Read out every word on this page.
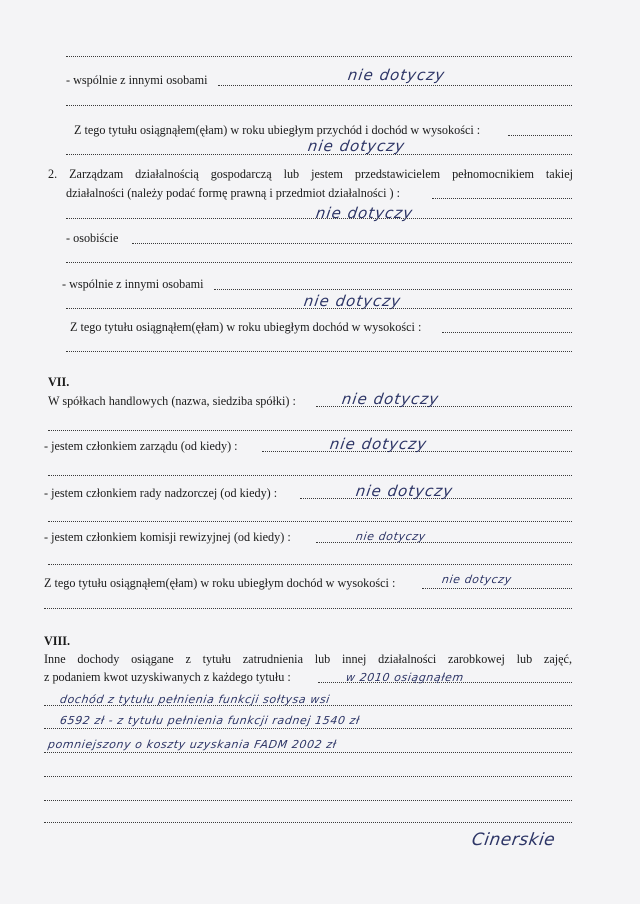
- wspólnie z innymi osobami	nie dotyczy
Z tego tytułu osiągnąłem(ęłam) w roku ubiegłym przychód i dochód w wysokości :
nie dotyczy
2. Zarządzam działalnością gospodarczą lub jestem przedstawicielem pełnomocnikiem takiej
działalności (należy podać formę prawną i przedmiot działalności ) :
nie dotyczy
- osobiście
- wspólnie z innymi osobami
nie dotyczy
Z tego tytułu osiągnąłem(ęłam) w roku ubiegłym dochód w wysokości :
VII.
W spółkach handlowych (nazwa, siedziba spółki) :	nie dotyczy
- jestem członkiem zarządu (od kiedy) :	nie dotyczy
- jestem członkiem rady nadzorczej (od kiedy) :	nie dotyczy
- jestem członkiem komisji rewizyjnej (od kiedy) :	nie dotyczy
Z tego tytułu osiągnąłem(ęłam) w roku ubiegłym dochód w wysokości :	nie dotyczy
VIII.
Inne dochody osiągane z tytułu zatrudnienia lub innej działalności zarobkowej lub zajęć,
z podaniem kwot uzyskiwanych z każdego tytułu :	w 2010 osiągnąłem
dochód z tytułu pełnienia funkcji sołtysa wsi
6592 zł - z tytułu pełnienia funkcji radnej 1540 zł
pomniejszony o koszty uzyskania FADM 2002 zł
Cinerskie
